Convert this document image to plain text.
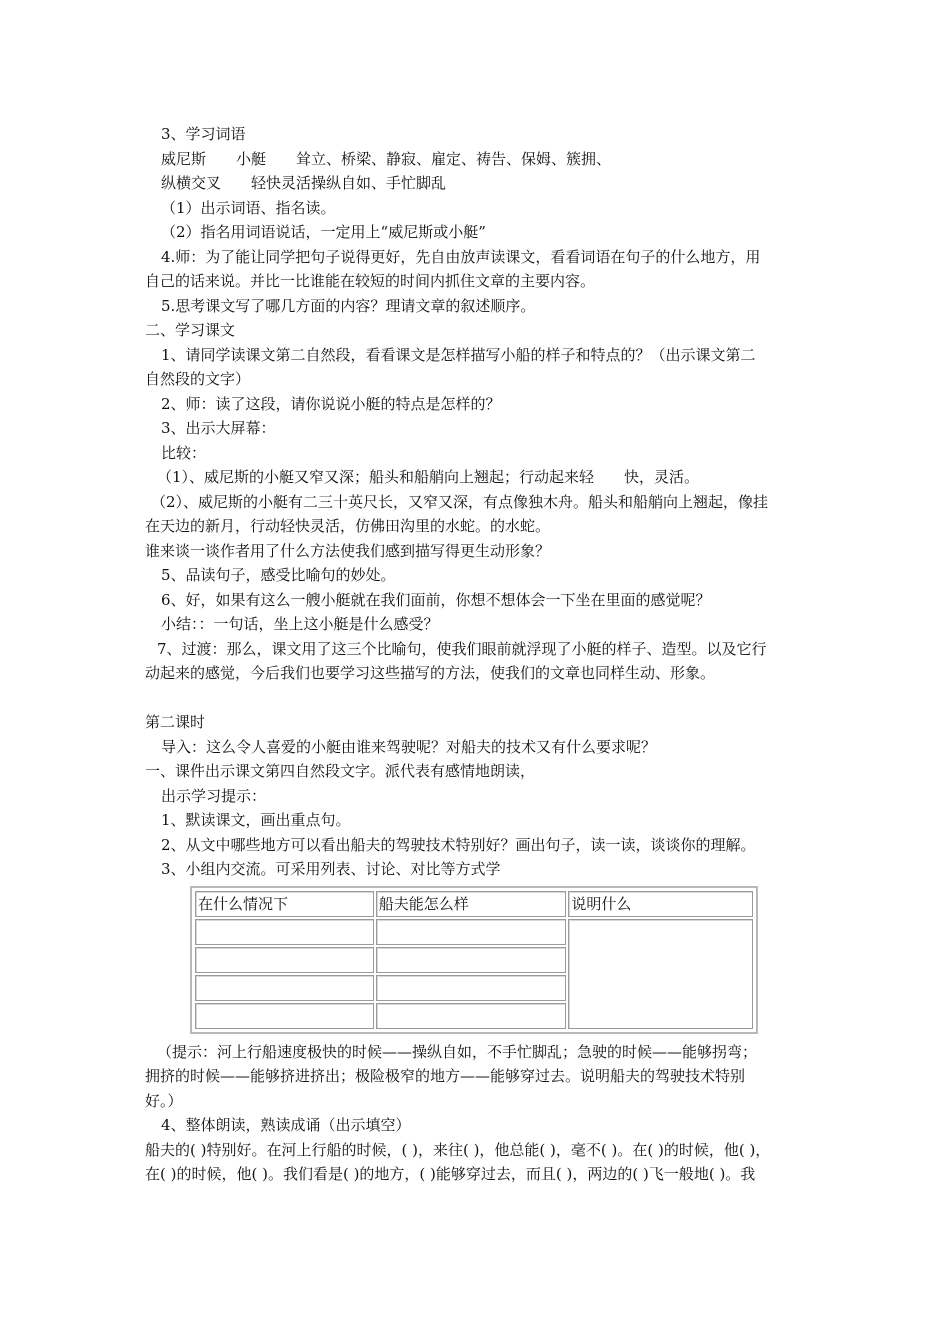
3、学习词语

威尼斯　　小艇　　耸立、桥梁、静寂、雇定、祷告、保姆、簇拥、

纵横交叉　　轻快灵活操纵自如、手忙脚乱

（1）出示词语、指名读。

（2）指名用词语说话，一定用上“威尼斯或小艇”

4.师：为了能让同学把句子说得更好，先自由放声读课文，看看词语在句子的什么地方，用

自己的话来说。并比一比谁能在较短的时间内抓住文章的主要内容。

5.思考课文写了哪几方面的内容？理请文章的叙述顺序。

二、学习课文

1、请同学读课文第二自然段，看看课文是怎样描写小船的样子和特点的？（出示课文第二

自然段的文字）

2、师：读了这段，请你说说小艇的特点是怎样的？

3、出示大屏幕：

比较：

（1）、威尼斯的小艇又窄又深；船头和船艄向上翘起；行动起来轻　　快，灵活。

（2）、威尼斯的小艇有二三十英尺长，又窄又深，有点像独木舟。船头和船艄向上翘起，像挂

在天边的新月，行动轻快灵活，仿佛田沟里的水蛇。的水蛇。

谁来谈一谈作者用了什么方法使我们感到描写得更生动形象？

5、品读句子，感受比喻句的妙处。

6、好，如果有这么一艘小艇就在我们面前，你想不想体会一下坐在里面的感觉呢？

小结：：一句话，坐上这小艇是什么感受？

7、过渡：那么，课文用了这三个比喻句，使我们眼前就浮现了小艇的样子、造型。以及它行

动起来的感觉，今后我们也要学习这些描写的方法，使我们的文章也同样生动、形象。

第二课时

导入：这么令人喜爱的小艇由谁来驾驶呢？对船夫的技术又有什么要求呢？

一、课件出示课文第四自然段文字。派代表有感情地朗读，

出示学习提示：

1、默读课文，画出重点句。

2、从文中哪些地方可以看出船夫的驾驶技术特别好？画出句子，读一读，谈谈你的理解。

3、小组内交流。可采用列表、讨论、对比等方式学

在什么情况下	船夫能怎么样	说明什么

（提示：河上行船速度极快的时候——操纵自如，不手忙脚乱；急驶的时候——能够拐弯；

拥挤的时候——能够挤进挤出；极险极窄的地方——能够穿过去。说明船夫的驾驶技术特别

好。）

4、整体朗读，熟读成诵（出示填空）

船夫的( )特别好。在河上行船的时候，( )，来往( )，他总能( )，毫不( )。在( )的时候，他( )，

在( )的时候，他( )。我们看是( )的地方，( )能够穿过去，而且( )，两边的( )飞一般地( )。我
